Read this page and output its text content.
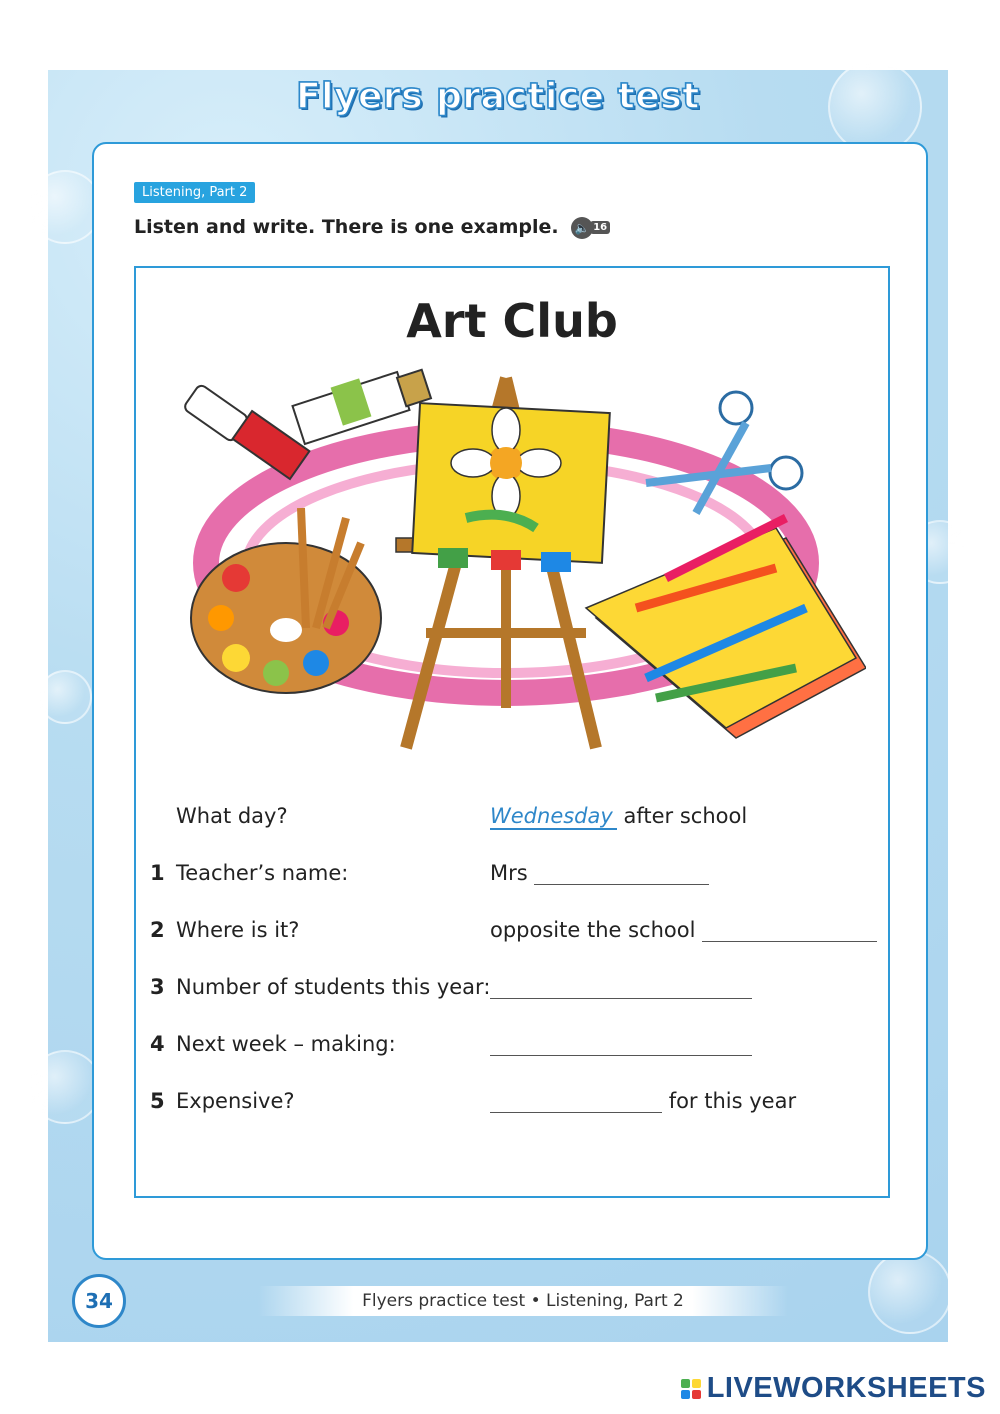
Flyers practice test
Listening, Part 2
Listen and write. There is one example. 🔈 16
Art Club
What day?	Wednesday after school
1 Teacher’s name:	Mrs
2 Where is it?	opposite the school
3 Number of students this year:
4 Next week – making:
5 Expensive?	for this year
34	Flyers practice test • Listening, Part 2
LIVEWORKSHEETS
